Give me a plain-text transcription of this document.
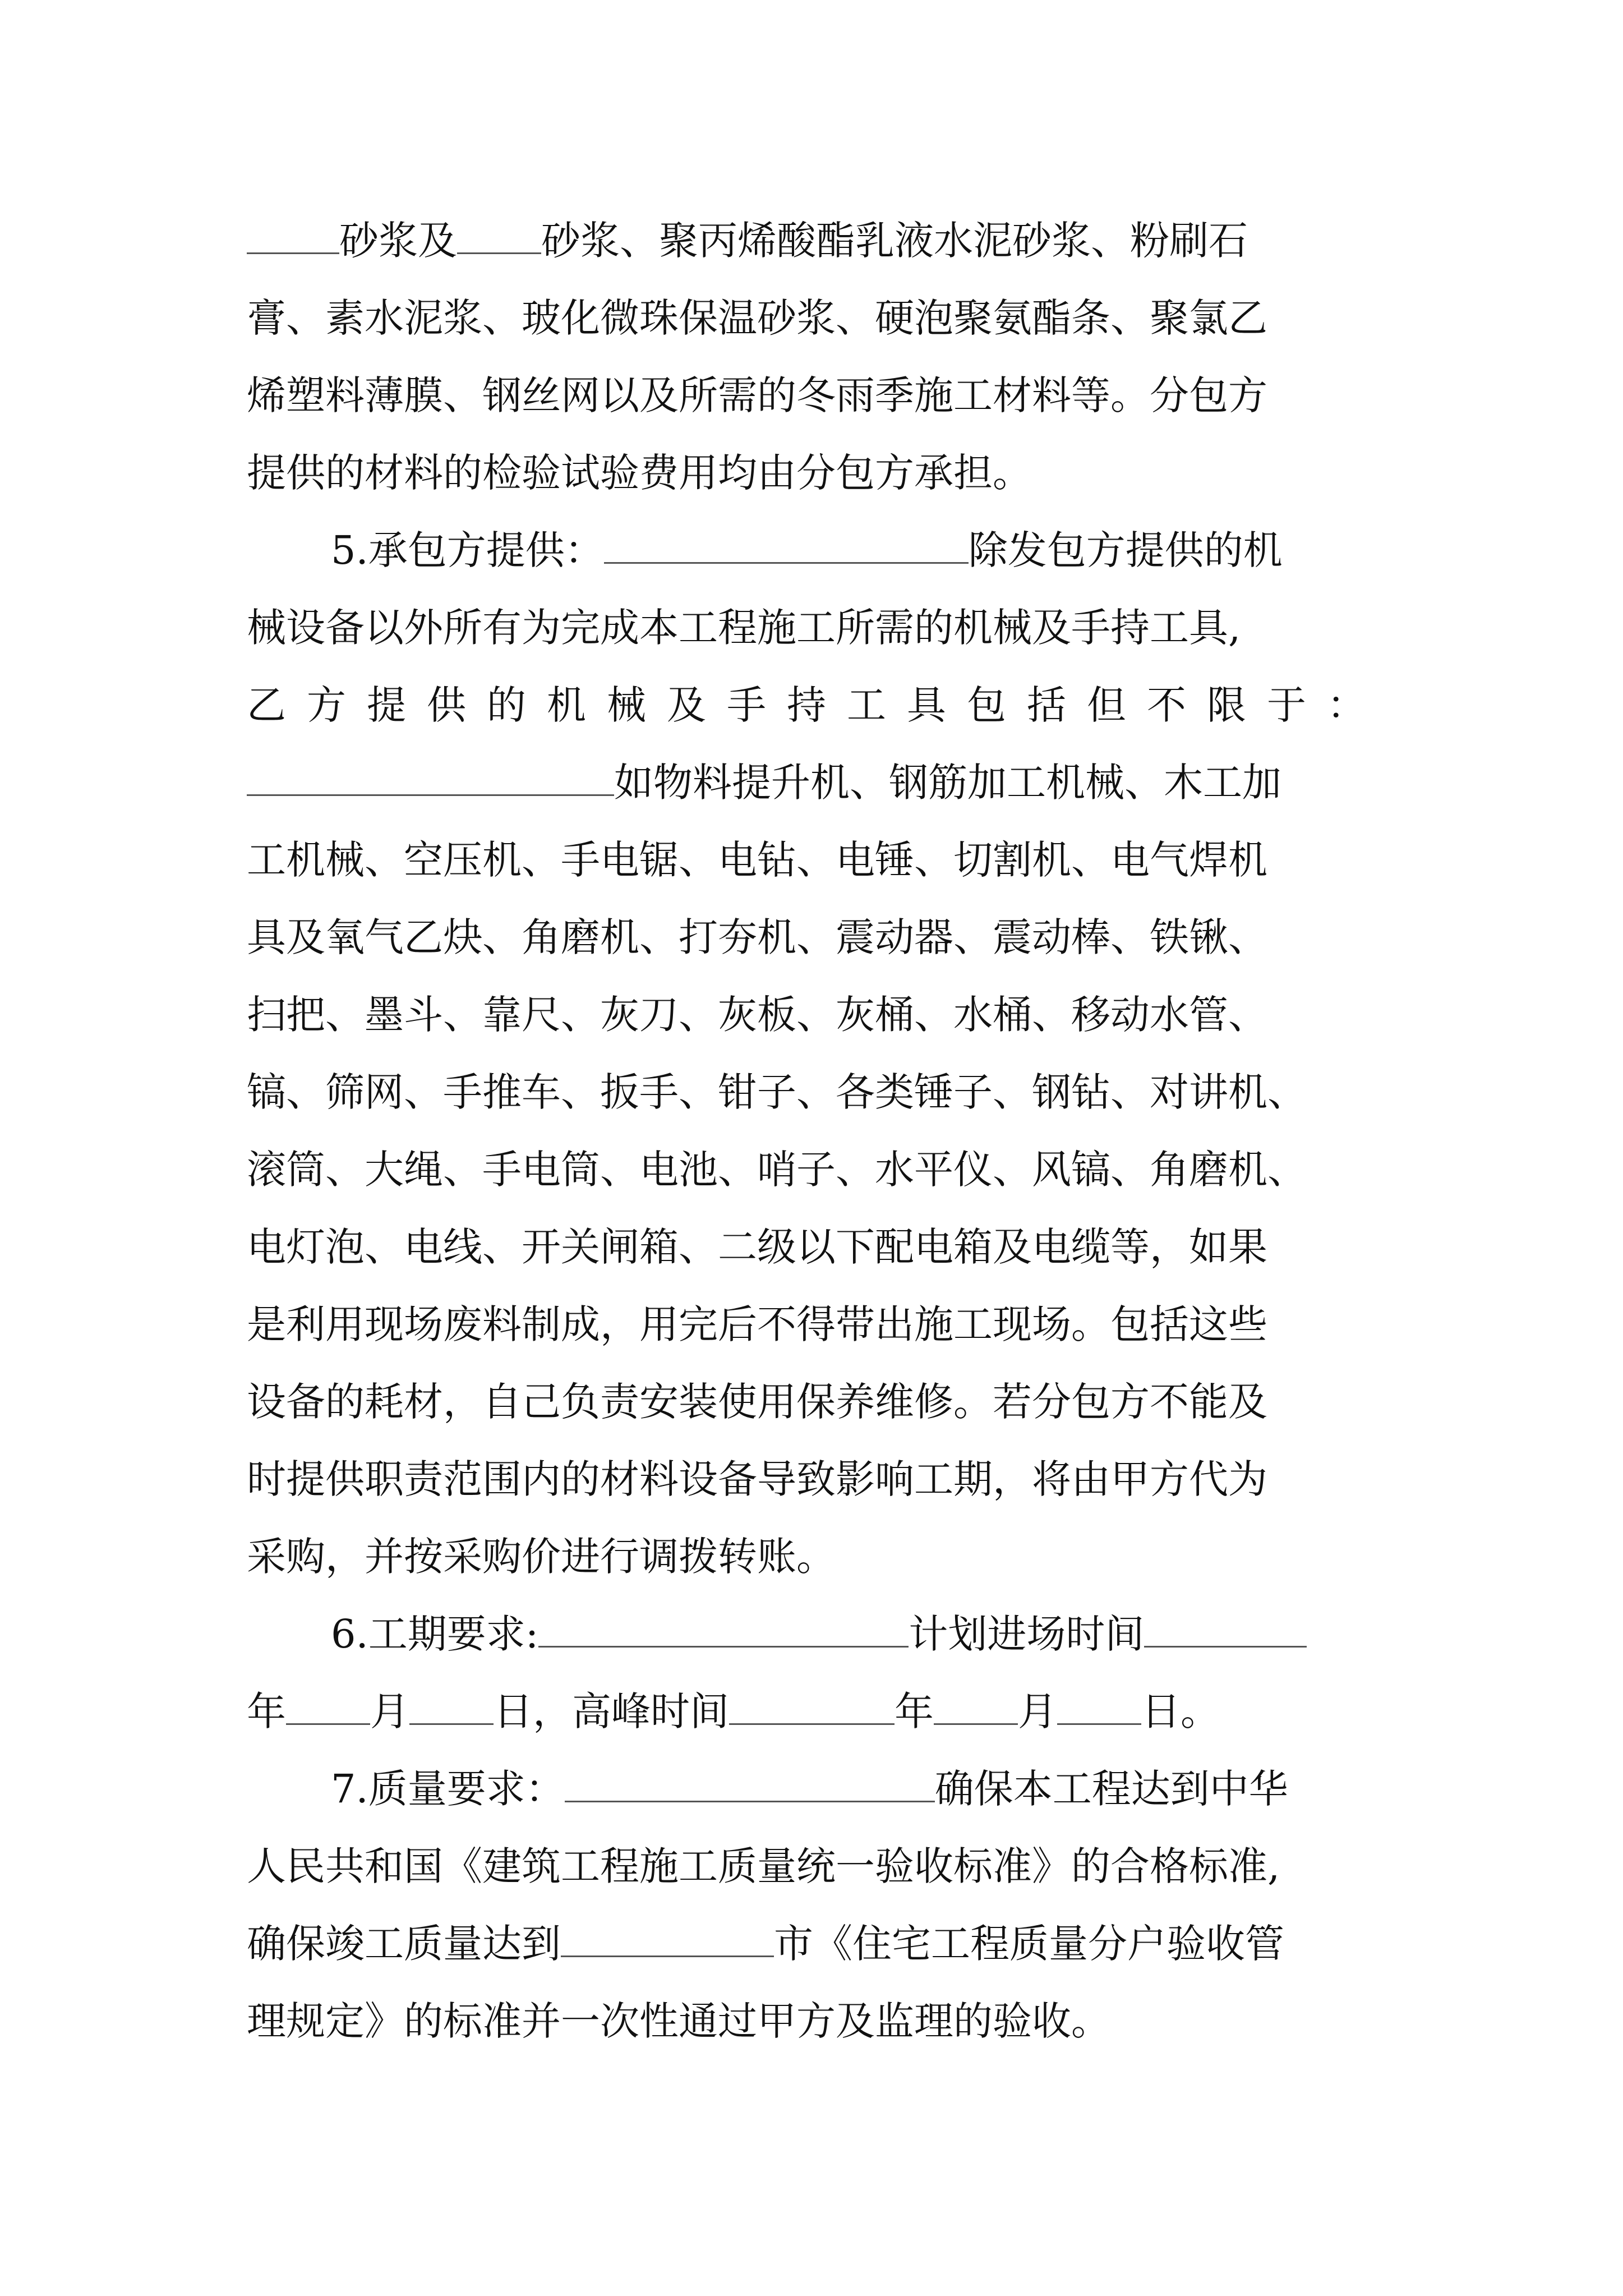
砂浆及 砂浆、聚丙烯酸酯乳液水泥砂浆、粉刷石
膏、素水泥浆、玻化微珠保温砂浆、硬泡聚氨酯条、聚氯乙
烯塑料薄膜、钢丝网以及所需的冬雨季施工材料等。分包方
提供的材料的检验试验费用均由分包方承担。
5.承包方提供：	除发包方提供的机
械设备以外所有为完成本工程施工所需的机械及手持工具,
乙方提供的机械及手持工具包括但不限于：
如物料提升机、钢筋加工机械、木工加
工机械、空压机、手电锯、电钻、电锤、切割机、电气焊机
具及氧气乙炔、角磨机、打夯机、震动器、震动棒、铁锹、
扫把、墨斗、靠尺、灰刀、灰板、灰桶、水桶、移动水管、
镐、筛网、手推车、扳手、钳子、各类锤子、钢钻、对讲机、
滚筒、大绳、手电筒、电池、哨子、水平仪、风镐、角磨机、
电灯泡、电线、开关闸箱、二级以下配电箱及电缆等，如果
是利用现场废料制成，用完后不得带出施工现场。包括这些
设备的耗材，自己负责安装使用保养维修。若分包方不能及
时提供职责范围内的材料设备导致影响工期，将由甲方代为
采购，并按采购价进行调拨转账。
6.工期要求:	计划进场时间
年 月 日，高峰时间	年 月 日。
7.质量要求：	确保本工程达到中华
人民共和国《建筑工程施工质量统一验收标准》的合格标准,
确保竣工质量达到	市《住宅工程质量分户验收管
理规定》的标准并一次性通过甲方及监理的验收。
